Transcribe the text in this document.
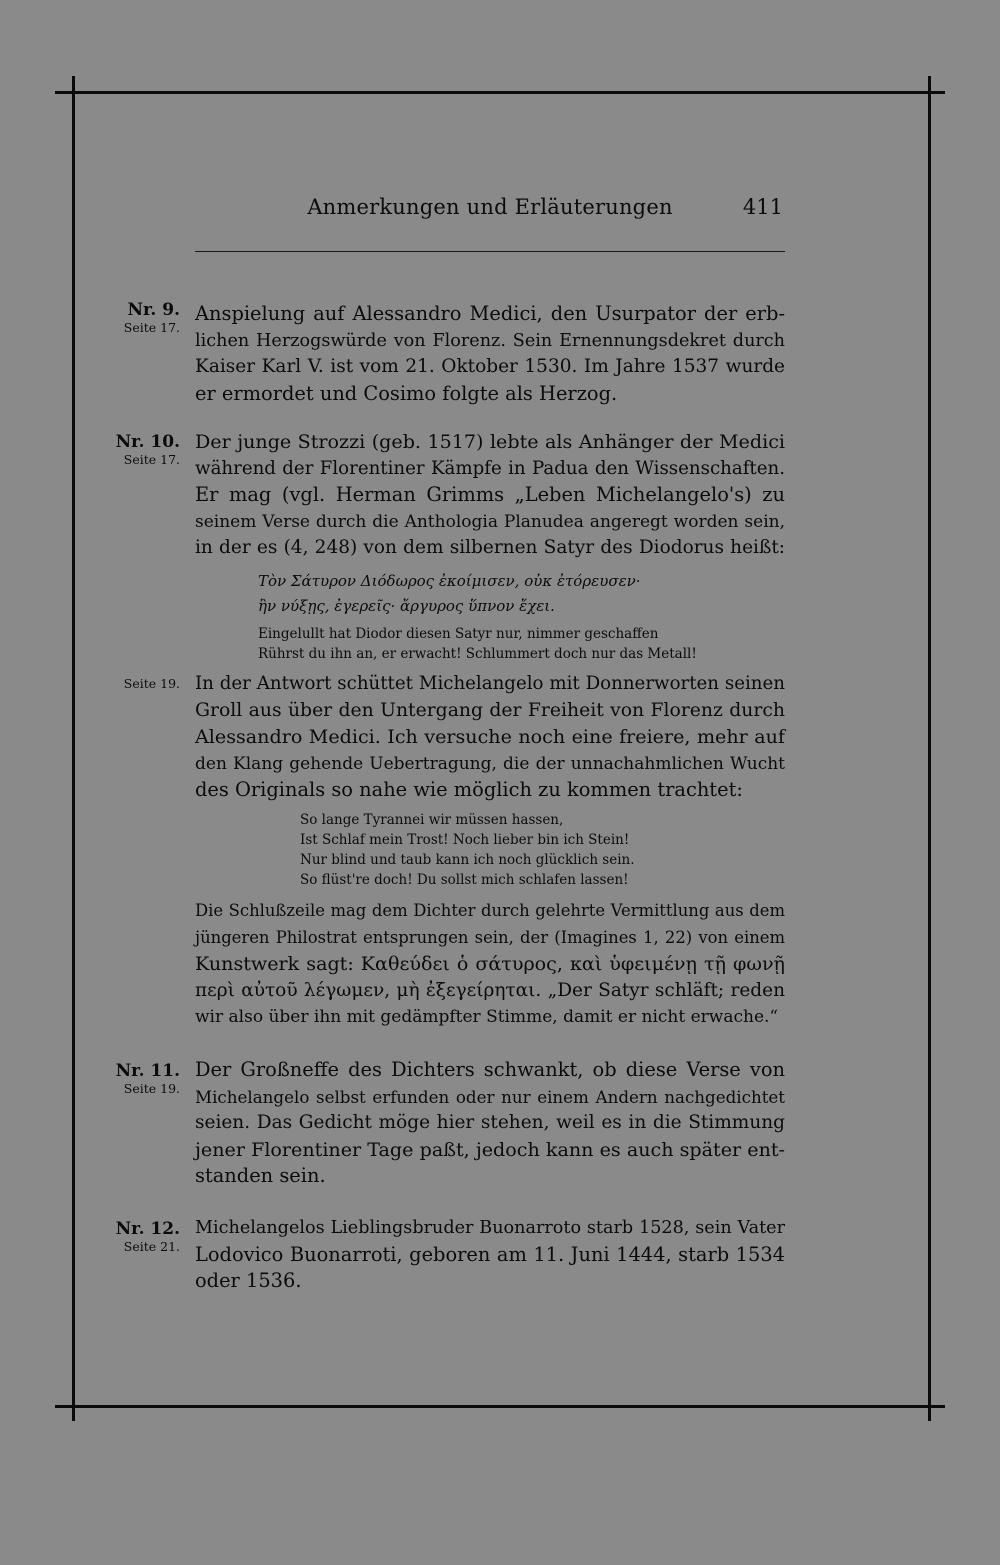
Anmerkungen und Erläuterungen	411
Nr. 9.
Seite 17.
Anspielung auf Alessandro Medici, den Usurpator der erb-
lichen Herzogswürde von Florenz. Sein Ernennungsdekret durch
Kaiser Karl V. ist vom 21. Oktober 1530. Im Jahre 1537 wurde
er ermordet und Cosimo folgte als Herzog.
Nr. 10.
Seite 17.
Der junge Strozzi (geb. 1517) lebte als Anhänger der Medici
während der Florentiner Kämpfe in Padua den Wissenschaften.
Er mag (vgl. Herman Grimms „Leben Michelangelo's) zu
seinem Verse durch die Anthologia Planudea angeregt worden sein,
in der es (4, 248) von dem silbernen Satyr des Diodorus heißt:
Τὸν Σάτυρον Διόδωρος ἐκοίμισεν, οὐκ ἐτόρευσεν·
ἢν νύξῃς, ἐγερεῖς· ἄργυρος ὕπνον ἔχει.
Eingelullt hat Diodor diesen Satyr nur, nimmer geschaffen
Rührst du ihn an, er erwacht! Schlummert doch nur das Metall!
Seite 19. In der Antwort schüttet Michelangelo mit Donnerworten seinen
Groll aus über den Untergang der Freiheit von Florenz durch
Alessandro Medici. Ich versuche noch eine freiere, mehr auf
den Klang gehende Uebertragung, die der unnachahmlichen Wucht
des Originals so nahe wie möglich zu kommen trachtet:
So lange Tyrannei wir müssen hassen,
Ist Schlaf mein Trost! Noch lieber bin ich Stein!
Nur blind und taub kann ich noch glücklich sein.
So flüst're doch! Du sollst mich schlafen lassen!
Die Schlußzeile mag dem Dichter durch gelehrte Vermittlung aus dem
jüngeren Philostrat entsprungen sein, der (Imagines 1, 22) von einem
Kunstwerk sagt: Καθεύδει ὁ σάτυρος, καὶ ὑφειμένῃ τῇ φωνῇ
περὶ αὐτοῦ λέγωμεν, μὴ ἐξεγείρηται. „Der Satyr schläft; reden
wir also über ihn mit gedämpfter Stimme, damit er nicht erwache.“
Nr. 11.
Seite 19.
Der Großneffe des Dichters schwankt, ob diese Verse von
Michelangelo selbst erfunden oder nur einem Andern nachgedichtet
seien. Das Gedicht möge hier stehen, weil es in die Stimmung
jener Florentiner Tage paßt, jedoch kann es auch später ent-
standen sein.
Nr. 12.
Seite 21.
Michelangelos Lieblingsbruder Buonarroto starb 1528, sein Vater
Lodovico Buonarroti, geboren am 11. Juni 1444, starb 1534
oder 1536.
